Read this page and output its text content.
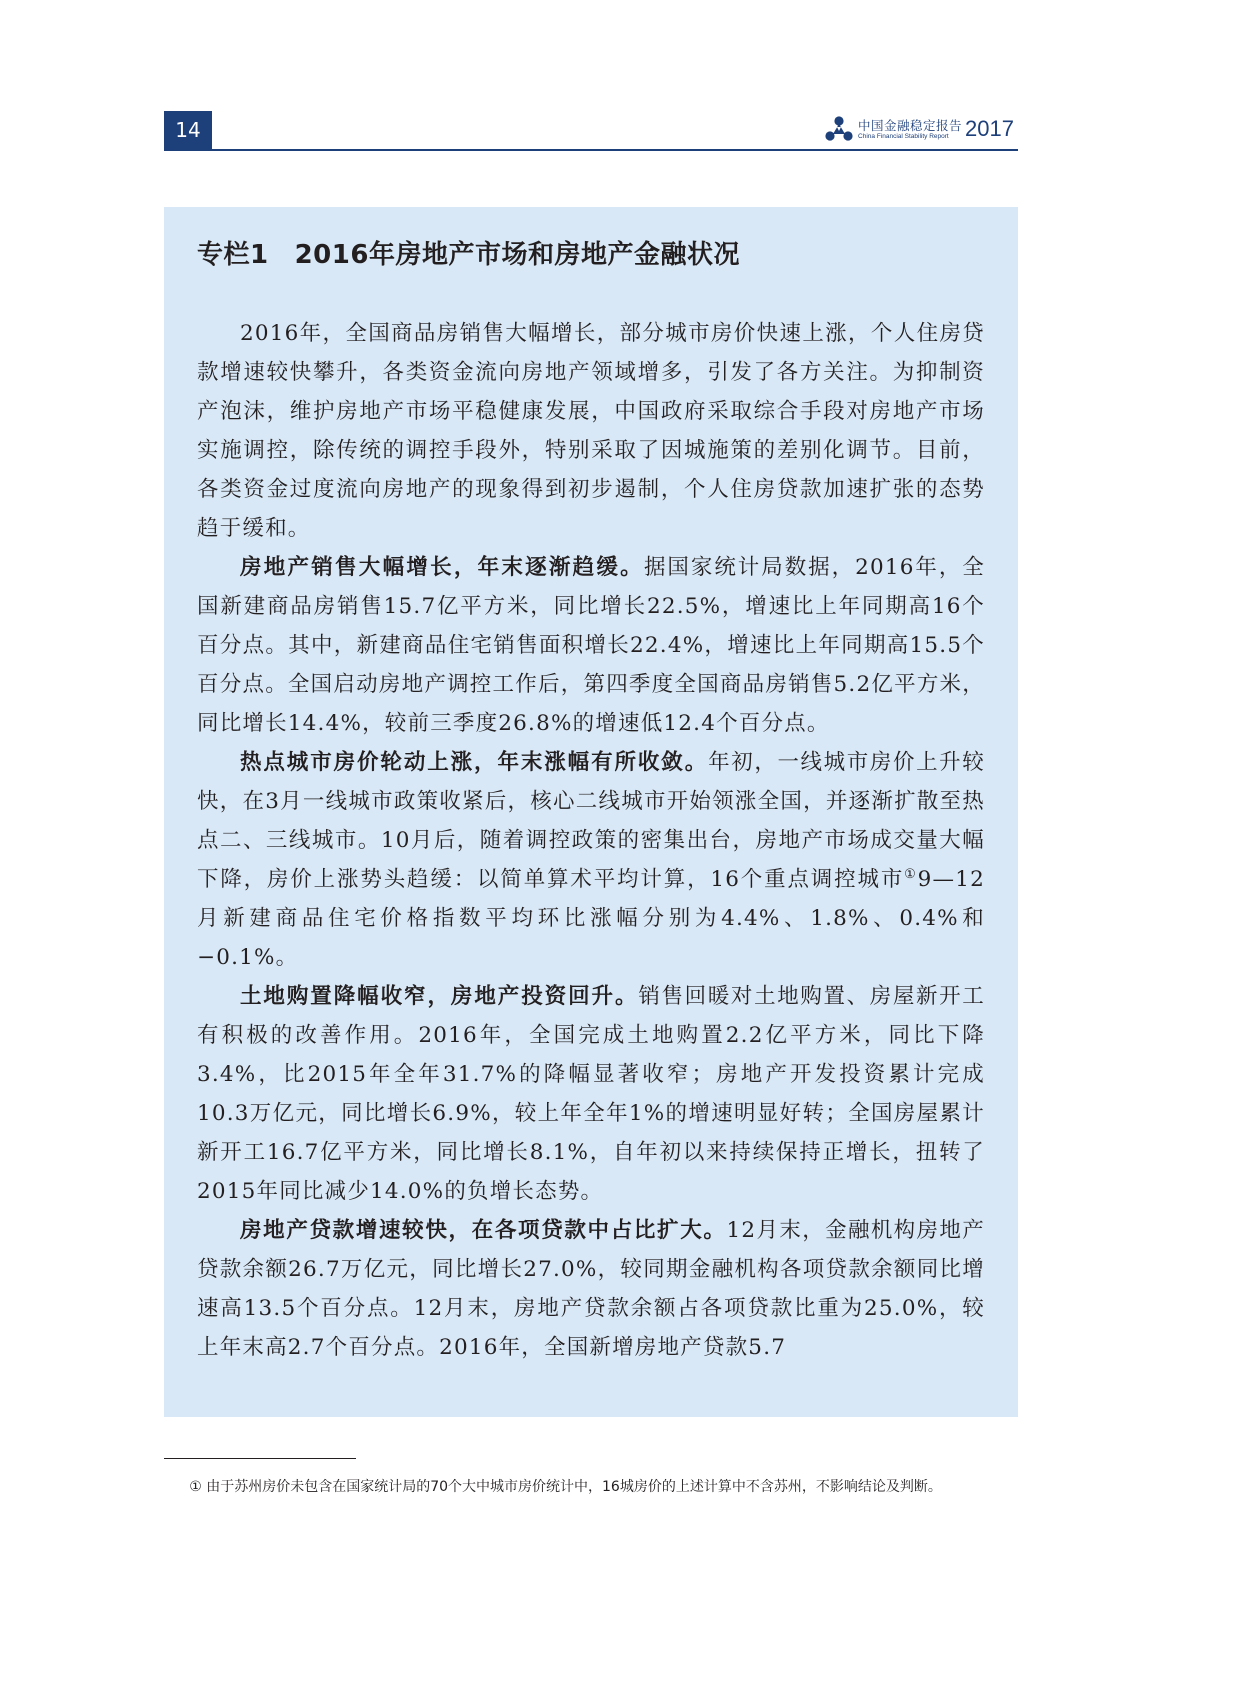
14	中国金融稳定报告
China Financial Stability Report 2017
专栏1 2016年房地产市场和房地产金融状况

2016年，全国商品房销售大幅增长，部分城市房价快速上涨，个人住房贷款增速较快攀升，各类资金流向房地产领域增多，引发了各方关注。为抑制资产泡沫，维护房地产市场平稳健康发展，中国政府采取综合手段对房地产市场实施调控，除传统的调控手段外，特别采取了因城施策的差别化调节。目前，各类资金过度流向房地产的现象得到初步遏制，个人住房贷款加速扩张的态势趋于缓和。

房地产销售大幅增长，年末逐渐趋缓。据国家统计局数据，2016年，全国新建商品房销售15.7亿平方米，同比增长22.5%，增速比上年同期高16个百分点。其中，新建商品住宅销售面积增长22.4%，增速比上年同期高15.5个百分点。全国启动房地产调控工作后，第四季度全国商品房销售5.2亿平方米，同比增长14.4%，较前三季度26.8%的增速低12.4个百分点。

热点城市房价轮动上涨，年末涨幅有所收敛。年初，一线城市房价上升较快，在3月一线城市政策收紧后，核心二线城市开始领涨全国，并逐渐扩散至热点二、三线城市。10月后，随着调控政策的密集出台，房地产市场成交量大幅下降，房价上涨势头趋缓：以简单算术平均计算，16个重点调控城市①9—12月新建商品住宅价格指数平均环比涨幅分别为4.4%、1.8%、0.4%和−0.1%。

土地购置降幅收窄，房地产投资回升。销售回暖对土地购置、房屋新开工有积极的改善作用。2016年，全国完成土地购置2.2亿平方米，同比下降3.4%，比2015年全年31.7%的降幅显著收窄；房地产开发投资累计完成10.3万亿元，同比增长6.9%，较上年全年1%的增速明显好转；全国房屋累计新开工16.7亿平方米，同比增长8.1%，自年初以来持续保持正增长，扭转了2015年同比减少14.0%的负增长态势。

房地产贷款增速较快，在各项贷款中占比扩大。12月末，金融机构房地产贷款余额26.7万亿元，同比增长27.0%，较同期金融机构各项贷款余额同比增速高13.5个百分点。12月末，房地产贷款余额占各项贷款比重为25.0%，较上年末高2.7个百分点。2016年，全国新增房地产贷款5.7

① 由于苏州房价未包含在国家统计局的70个大中城市房价统计中，16城房价的上述计算中不含苏州，不影响结论及判断。
